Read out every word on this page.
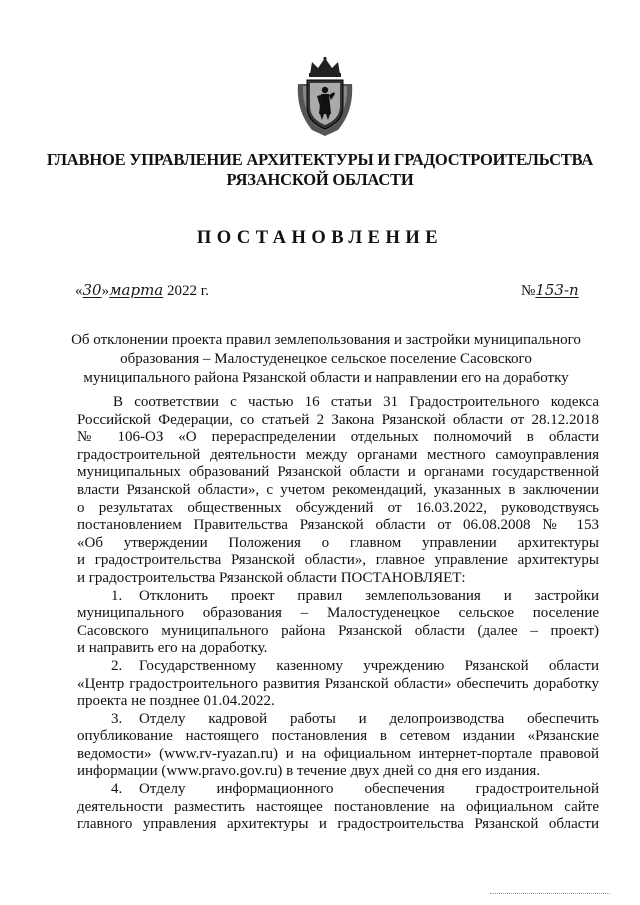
ГЛАВНОЕ УПРАВЛЕНИЕ АРХИТЕКТУРЫ И ГРАДОСТРОИТЕЛЬСТВА
РЯЗАНСКОЙ ОБЛАСТИ
ПОСТАНОВЛЕНИЕ
«30»марта 2022 г.	№153-п
Об отклонении проекта правил землепользования и застройки муниципального
образования – Малостуденецкое сельское поселение Сасовского
муниципального района Рязанской области и направлении его на доработку

В соответствии с частью 16 статьи 31 Градостроительного кодекса

Российской Федерации, со статьей 2 Закона Рязанской области от 28.12.2018

№ 106-ОЗ «О перераспределении отдельных полномочий в области

градостроительной деятельности между органами местного самоуправления

муниципальных образований Рязанской области и органами государственной

власти Рязанской области», с учетом рекомендаций, указанных в заключении

о результатах общественных обсуждений от 16.03.2022, руководствуясь

постановлением Правительства Рязанской области от 06.08.2008 № 153

«Об утверждении Положения о главном управлении архитектуры

и градостроительства Рязанской области», главное управление архитектуры

и градостроительства Рязанской области ПОСТАНОВЛЯЕТ:

1.	Отклонить проект правил землепользования и застройки

муниципального образования – Малостуденецкое сельское поселение

Сасовского муниципального района Рязанской области (далее – проект)

и направить его на доработку.

2.	Государственному казенному учреждению Рязанской области

«Центр градостроительного развития Рязанской области» обеспечить доработку

проекта не позднее 01.04.2022.

3.	Отделу кадровой работы и делопроизводства обеспечить

опубликование настоящего постановления в сетевом издании «Рязанские

ведомости» (www.rv-ryazan.ru) и на официальном интернет-портале правовой

информации (www.pravo.gov.ru) в течение двух дней со дня его издания.

4.	Отделу информационного обеспечения градостроительной

деятельности разместить настоящее постановление на официальном сайте

главного управления архитектуры и градостроительства Рязанской области
